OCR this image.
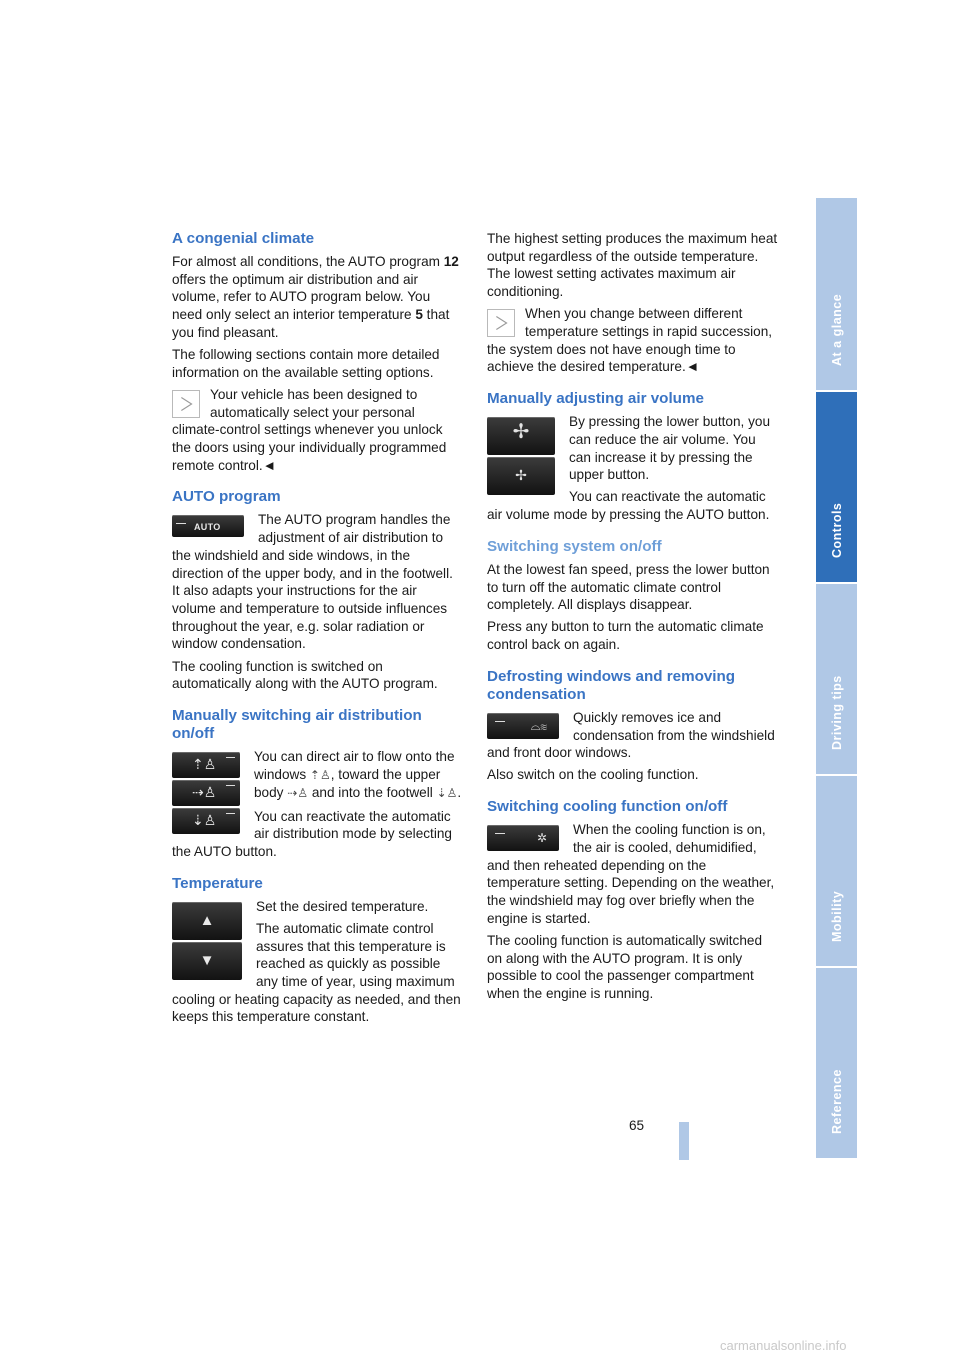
A congenial climate

For almost all conditions, the AUTO program 12 offers the optimum air distribution and air volume, refer to AUTO program below. You need only select an interior temperature 5 that you find pleasant.

The following sections contain more detailed information on the available setting options.

Your vehicle has been designed to automatically select your personal climate-control settings whenever you unlock the doors using your individually programmed remote control.◄

AUTO program
AUTO	The AUTO program handles the adjustment of air distribution to the windshield and side windows, in the direction of the upper body, and in the footwell. It also adapts your instructions for the air volume and temperature to outside influences throughout the year, e.g. solar radiation or window condensation.

The cooling function is switched on automatically along with the AUTO program.

Manually switching air distribution on/off
⇡♙
⇢♙
⇣♙

You can direct air to flow onto the windows ⇡♙, toward the upper body ⇢♙ and into the footwell ⇣♙.

You can reactivate the automatic air distribution mode by selecting the AUTO button.

Temperature
▲
▼

Set the desired temperature.

The automatic climate control assures that this temperature is reached as quickly as possible any time of year, using maximum cooling or heating capacity as needed, and then keeps this temperature constant.

The highest setting produces the maximum heat output regardless of the outside temperature. The lowest setting activates maximum air conditioning.

When you change between different temperature settings in rapid succession, the system does not have enough time to achieve the desired temperature.◄

Manually adjusting air volume
✢
✢

By pressing the lower button, you can reduce the air volume. You can increase it by pressing the upper button.

You can reactivate the automatic air volume mode by pressing the AUTO button.

Switching system on/off

At the lowest fan speed, press the lower button to turn off the automatic climate control completely. All displays disappear.

Press any button to turn the automatic climate control back on again.

Defrosting windows and removing condensation
⌓≋

Quickly removes ice and condensation from the windshield and front door windows.

Also switch on the cooling function.

Switching cooling function on/off
✲

When the cooling function is on, the air is cooled, dehumidified, and then reheated depending on the temperature setting. Depending on the weather, the windshield may fog over briefly when the engine is started.

The cooling function is automatically switched on along with the AUTO program. It is only possible to cool the passenger compartment when the engine is running.

At a glance
Controls
Driving tips
Mobility
Reference
65
carmanualsonline.info
